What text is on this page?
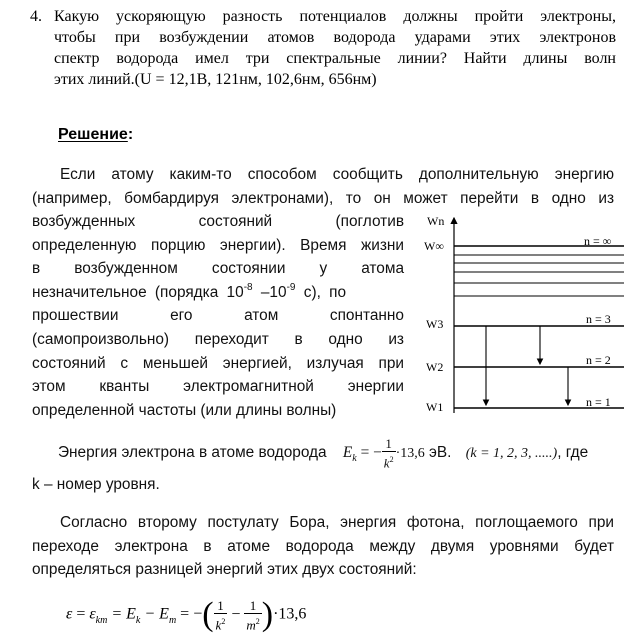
4. Какую ускоряющую разность потенциалов должны пройти электроны,
чтобы при возбуждении атомов водорода ударами этих электронов
спектр водорода имел три спектральные линии? Найти длины волн
этих линий.(U = 12,1В, 121нм, 102,6нм, 656нм)
Решение:
Если атому каким-то способом сообщить дополнительную энергию
(например, бомбардируя электронами), то он может перейти в одно из
возбужденных состояний (поглотив
определенную порцию энергии). Время жизни
в возбужденном состоянии у атома
незначительное (порядка $10^{-8}$ $-10^{-9}$ с), по
прошествии его атом спонтанно
(самопроизвольно) переходит в одно из
состояний с меньшей энергией, излучая при
этом кванты электромагнитной энергии
определенной частоты (или длины волны)
Wn
W∞	n = ∞
W3	n = 3
W2	n = 2
W1	n = 1
Энергия электрона в атоме водорода $E_k$ = − $\frac{1}{k^2} \cdot 13,6$ эВ. (k = 1, 2, 3, .....), где
k – номер уровня.
Согласно второму постулату Бора, энергия фотона, поглощаемого при
переходе электрона в атоме водорода между двумя уровнями будет
определяться разницей энергий этих двух состояний:
$\varepsilon = \varepsilon_{km} = E_k - E_m$ = −( $\frac{1}{k^2} - \frac{1}{m^2} )\cdot 13,6$
